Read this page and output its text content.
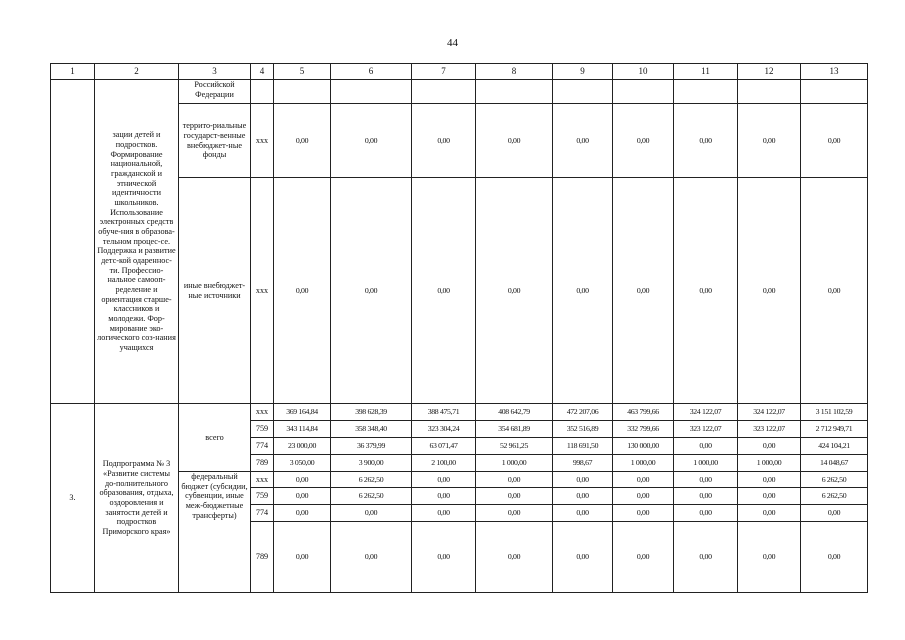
44
1	2	3	4	5	6	7	8	9	10	11	12	13
	зации детей и подростков. Формирование национальной, гражданской и этнической идентичности школьников. Использование электронных средств обуче-ния в образова-тельном процес-се. Поддержка и развитие детс-кой одареннос-ти. Профессио-нальное самооп-ределение и ориентация старше-классников и молодежи. Фор-мирование эко-логического соз-нания учащихся	Российской Федерации										
		террито-риальные государст-венные внебюджет-ные фонды	xxx	0,00	0,00	0,00	0,00	0,00	0,00	0,00	0,00	0,00
		иные внебюджет-ные источники	xxx	0,00	0,00	0,00	0,00	0,00	0,00	0,00	0,00	0,00
3.	Подпрограмма № 3 «Развитие системы до-полнительного образования, отдыха, оздоровления и занятости детей и подростков Приморского края»	всего	xxx	369 164,84	398 628,39	388 475,71	408 642,79	472 207,06	463 799,66	324 122,07	324 122,07	3 151 102,59
			759	343 114,84	358 348,40	323 304,24	354 681,89	352 516,89	332 799,66	323 122,07	323 122,07	2 712 949,71
			774	23 000,00	36 379,99	63 071,47	52 961,25	118 691,50	130 000,00	0,00	0,00	424 104,21
			789	3 050,00	3 900,00	2 100,00	1 000,00	998,67	1 000,00	1 000,00	1 000,00	14 048,67
		федеральный бюджет (субсидии, субвенции, иные меж-бюджетные трансферты)	xxx	0,00	6 262,50	0,00	0,00	0,00	0,00	0,00	0,00	6 262,50
			759	0,00	6 262,50	0,00	0,00	0,00	0,00	0,00	0,00	6 262,50
			774	0,00	0,00	0,00	0,00	0,00	0,00	0,00	0,00	0,00
			789	0,00	0,00	0,00	0,00	0,00	0,00	0,00	0,00	0,00
